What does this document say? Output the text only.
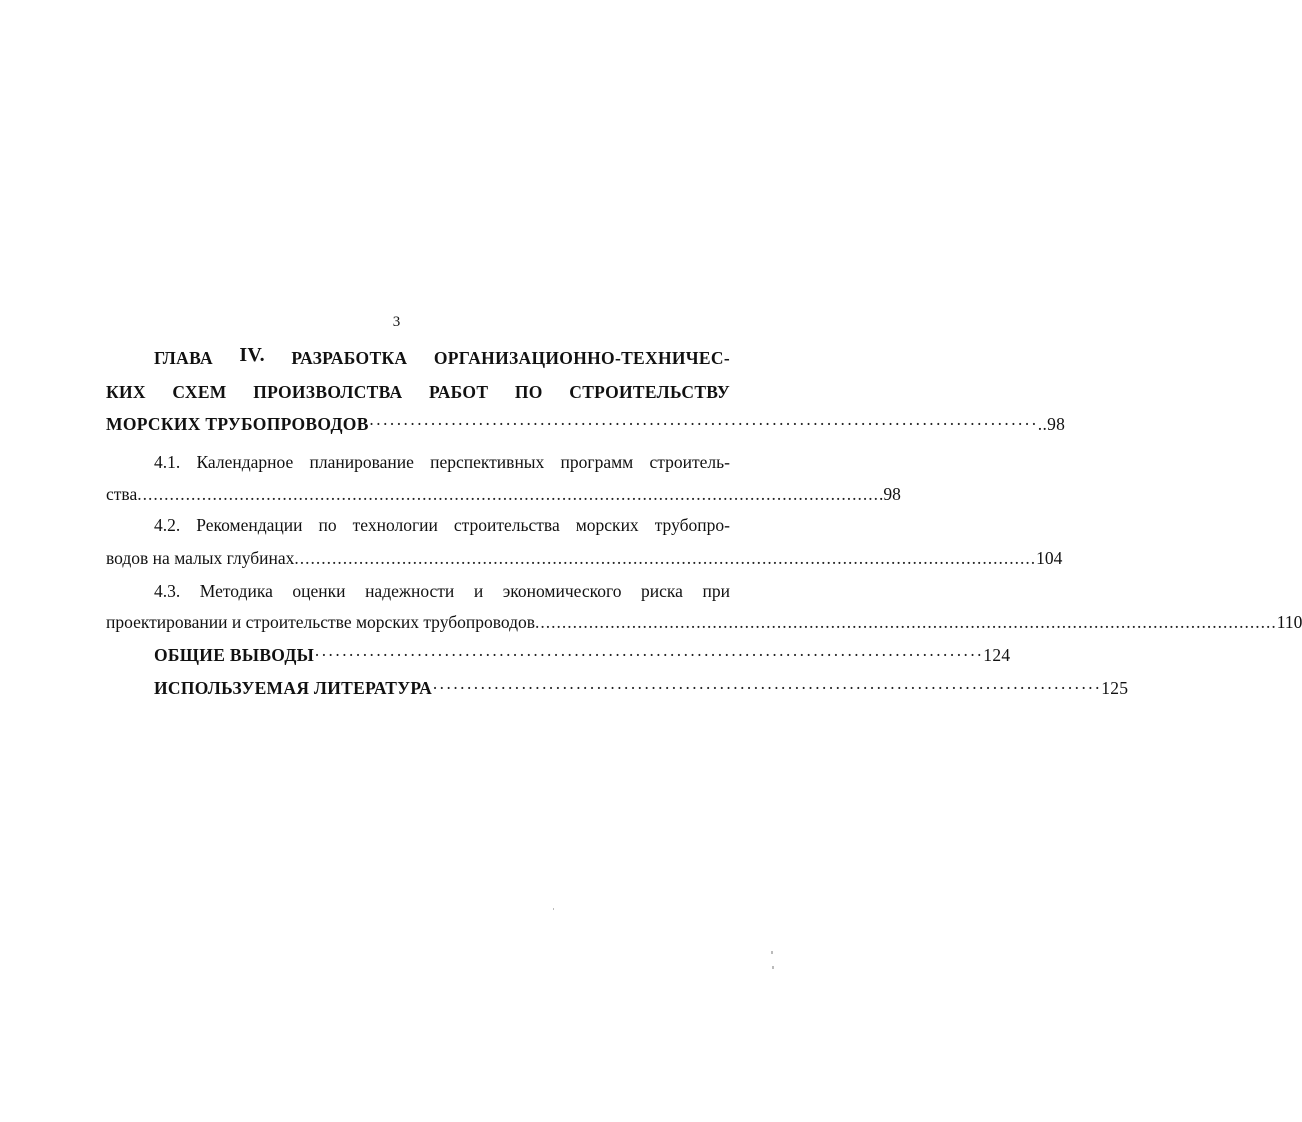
3
ГЛАВА IV. РАЗРАБОТКА ОРГАНИЗАЦИОННО-ТЕХНИЧЕС-
КИХ СХЕМ ПРОИЗВОЛСТВА РАБОТ ПО СТРОИТЕЛЬСТВУ
МОРСКИХ ТРУБОПРОВОДОВ ·································································································· ..98
4.1. Календарное планирование перспективных программ строитель-
ства .......................................................................................................................................... .98
4.2. Рекомендации по технологии строительства морских трубопро-
водов на малых глубинах .......................................................................................................................................... 104
4.3. Методика оценки надежности и экономического риска при
проектировании и строительстве морских трубопроводов .......................................................................................................................................... 110
ОБЩИЕ ВЫВОДЫ ·································································································· 124
ИСПОЛЬЗУЕМАЯ ЛИТЕРАТУРА ·································································································· 125
